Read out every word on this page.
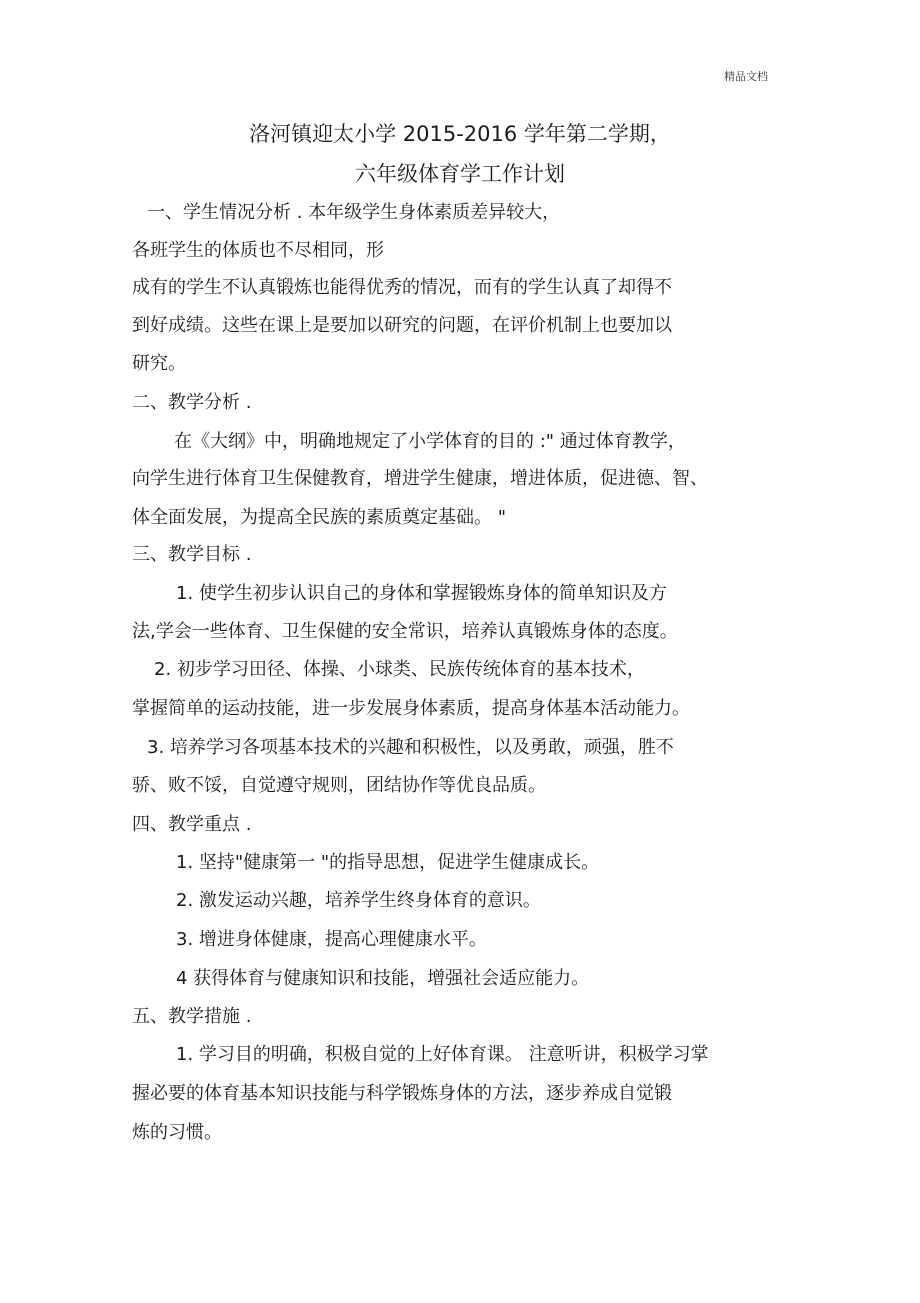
精品文档
洛河镇迎太小学 2015-2016 学年第二学期，
六年级体育学工作计划
一、学生情况分析 . 本年级学生身体素质差异较大，
各班学生的体质也不尽相同，形
成有的学生不认真锻炼也能得优秀的情况，而有的学生认真了却得不
到好成绩。这些在课上是要加以研究的问题，在评价机制上也要加以
研究。
二、教学分析 .
在《大纲》中，明确地规定了小学体育的目的 :" 通过体育教学，
向学生进行体育卫生保健教育，增进学生健康，增进体质，促进德、智、
体全面发展，为提高全民族的素质奠定基础。 "
三、教学目标 .
1. 使学生初步认识自己的身体和掌握锻炼身体的简单知识及方
法,学会一些体育、卫生保健的安全常识，培养认真锻炼身体的态度。
2. 初步学习田径、体操、小球类、民族传统体育的基本技术，
掌握简单的运动技能，进一步发展身体素质，提高身体基本活动能力。
3. 培养学习各项基本技术的兴趣和积极性，以及勇敢，顽强，胜不
骄、败不馁，自觉遵守规则，团结协作等优良品质。
四、教学重点 .
1. 坚持"健康第一 "的指导思想，促进学生健康成长。
2. 激发运动兴趣，培养学生终身体育的意识。
3. 增进身体健康，提高心理健康水平。
4 获得体育与健康知识和技能，增强社会适应能力。
五、教学措施 .
1. 学习目的明确，积极自觉的上好体育课。 注意听讲，积极学习掌
握必要的体育基本知识技能与科学锻炼身体的方法，逐步养成自觉锻
炼的习惯。
